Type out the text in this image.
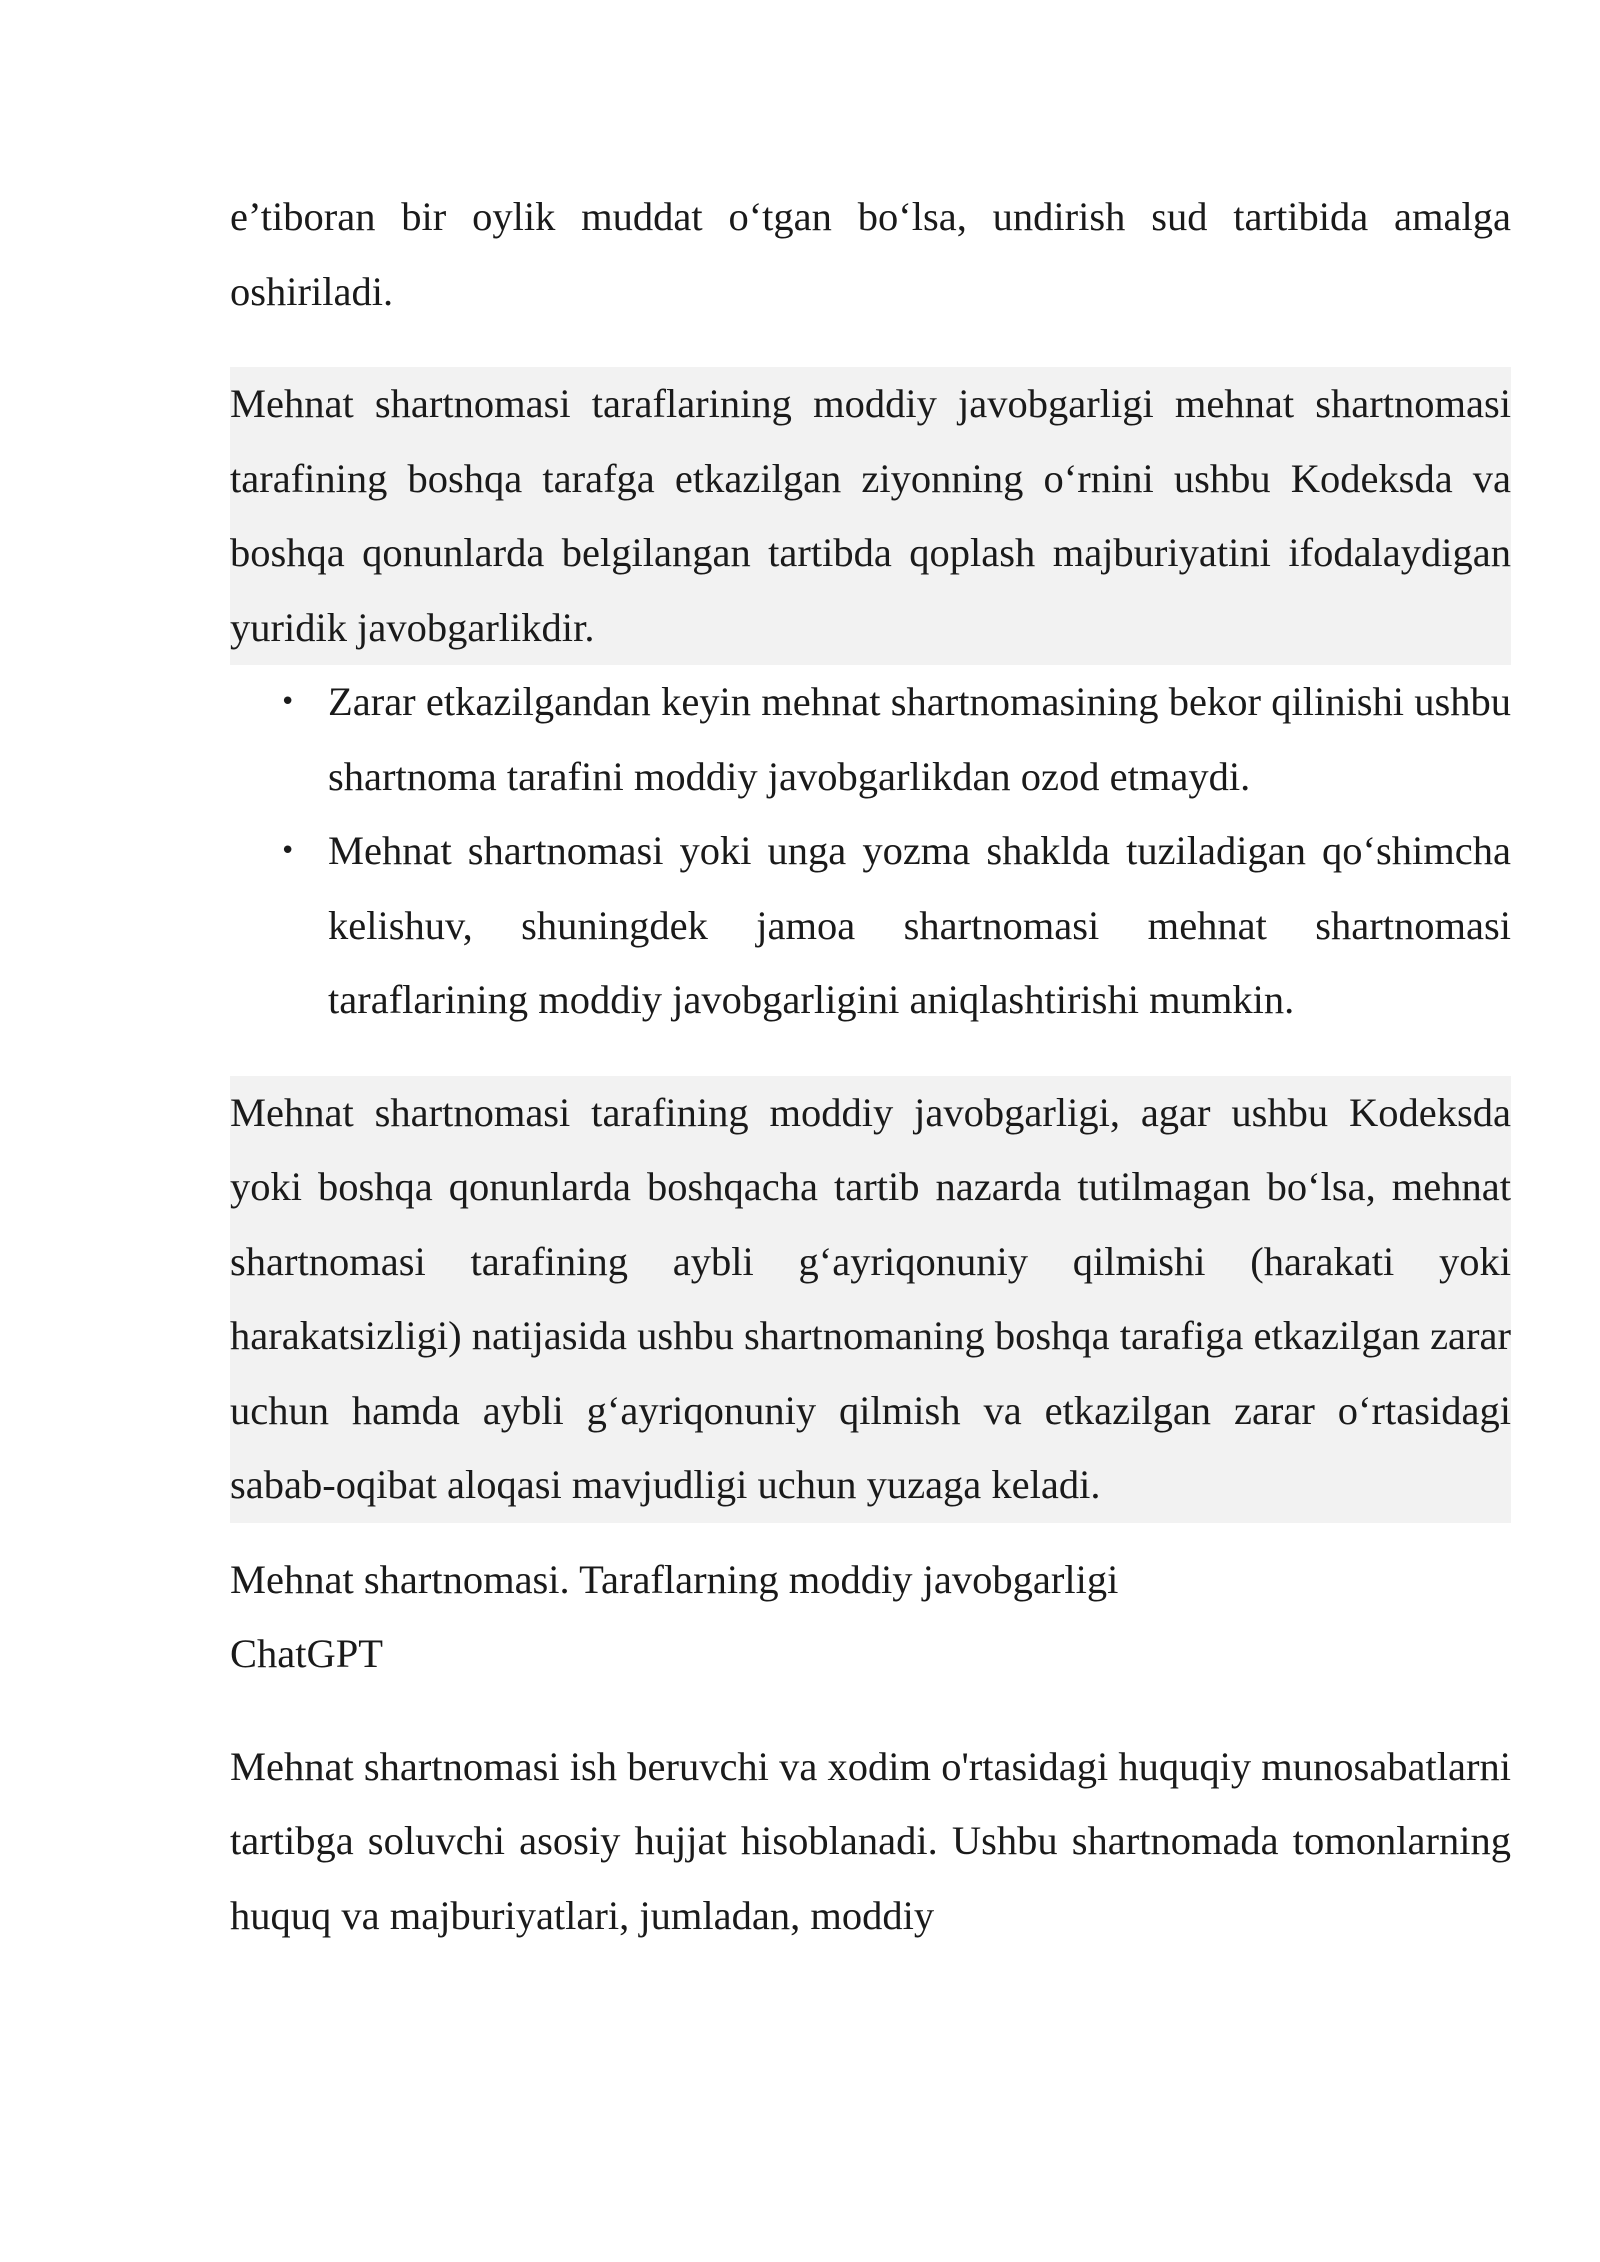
e’tiboran bir oylik muddat o‘tgan bo‘lsa, undirish sud tartibida amalga oshiriladi.

Mehnat shartnomasi taraflarining moddiy javobgarligi mehnat shartnomasi tarafining boshqa tarafga etkazilgan ziyonning o‘rnini ushbu Kodeksda va boshqa qonunlarda belgilangan tartibda qoplash majburiyatini ifodalaydigan yuridik javobgarlikdir.

• Zarar etkazilgandan keyin mehnat shartnomasining bekor qilinishi ushbu shartnoma tarafini moddiy javobgarlikdan ozod etmaydi.
• Mehnat shartnomasi yoki unga yozma shaklda tuziladigan qo‘shimcha kelishuv, shuningdek jamoa shartnomasi mehnat shartnomasi taraflarining moddiy javobgarligini aniqlashtirishi mumkin.

Mehnat shartnomasi tarafining moddiy javobgarligi, agar ushbu Kodeksda yoki boshqa qonunlarda boshqacha tartib nazarda tutilmagan bo‘lsa, mehnat shartnomasi tarafining aybli g‘ayriqonuniy qilmishi (harakati yoki harakatsizligi) natijasida ushbu shartnomaning boshqa tarafiga etkazilgan zarar uchun hamda aybli g‘ayriqonuniy qilmish va etkazilgan zarar o‘rtasidagi sabab-oqibat aloqasi mavjudligi uchun yuzaga keladi.

Mehnat shartnomasi. Taraflarning moddiy javobgarligi
ChatGPT

Mehnat shartnomasi ish beruvchi va xodim o'rtasidagi huquqiy munosabatlarni tartibga soluvchi asosiy hujjat hisoblanadi. Ushbu shartnomada tomonlarning huquq va majburiyatlari, jumladan, moddiy
